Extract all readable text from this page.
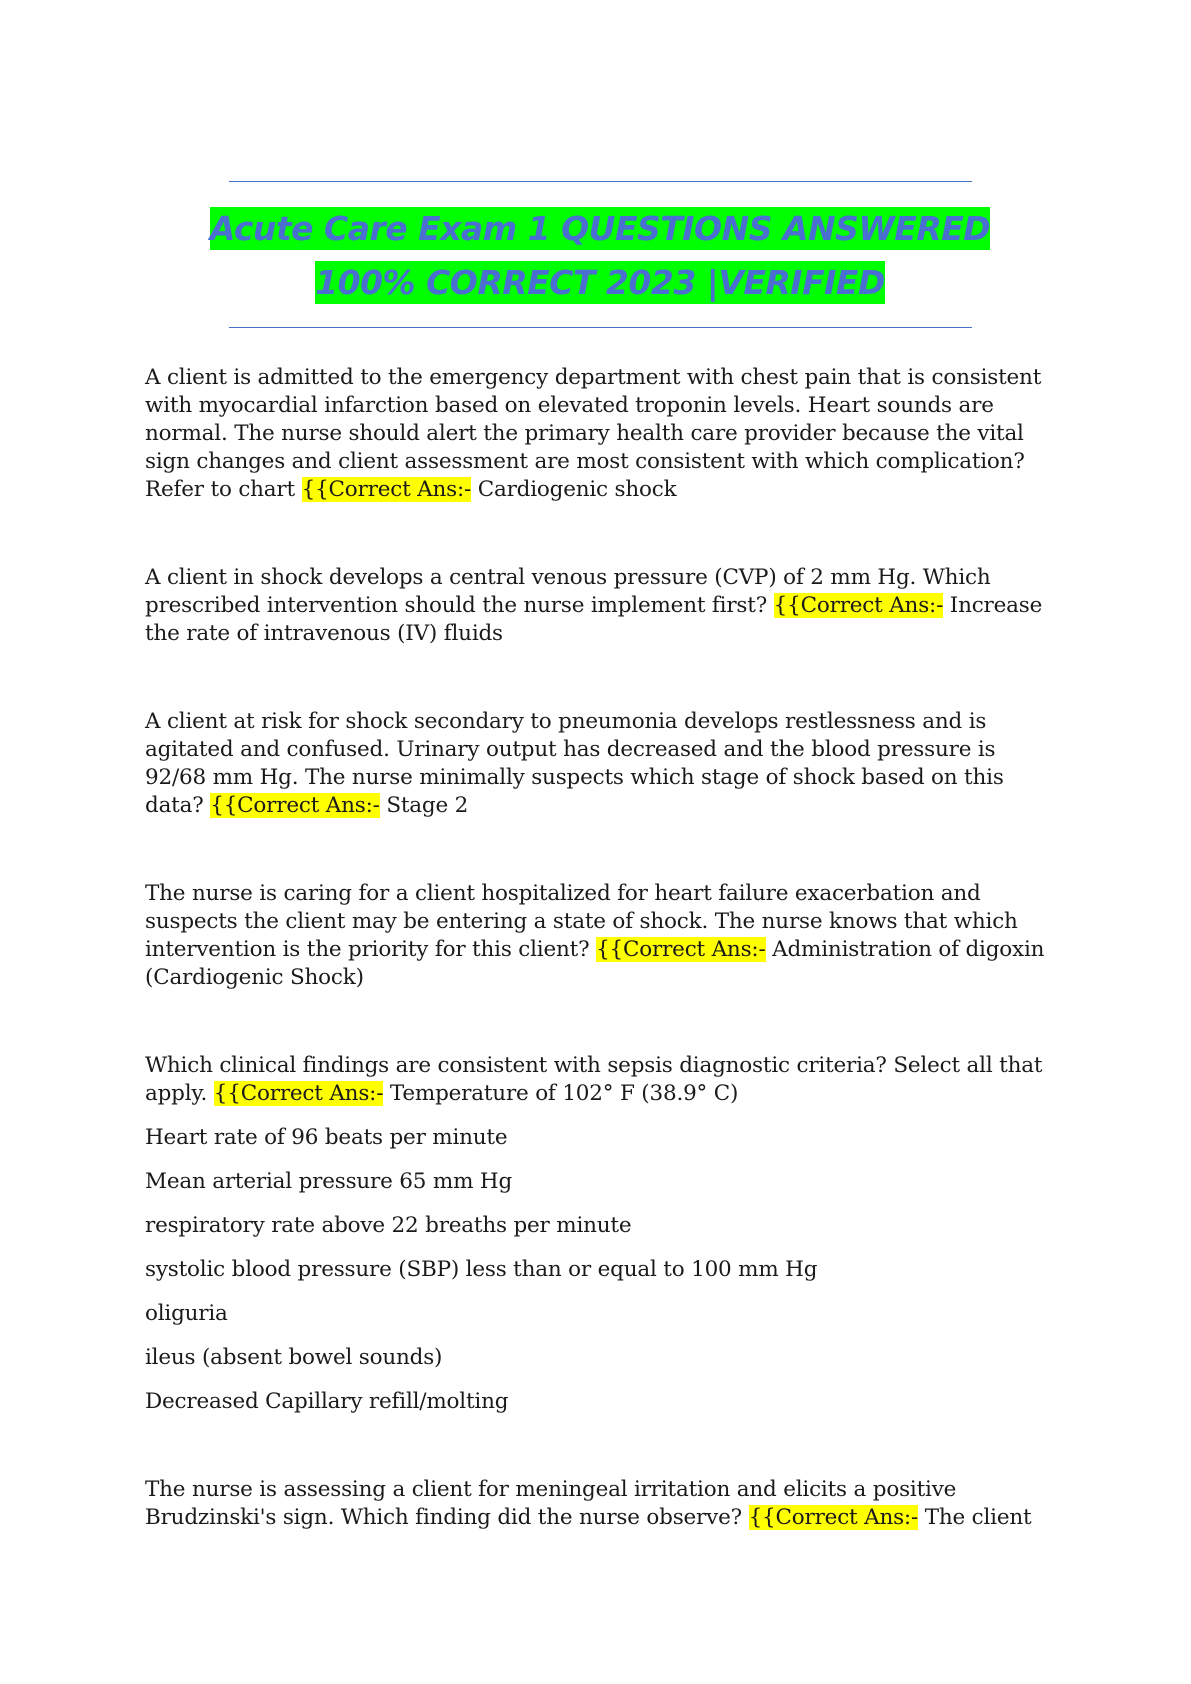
Acute Care Exam 1 QUESTIONS ANSWERED
100% CORRECT 2023 |VERIFIED

A client is admitted to the emergency department with chest pain that is consistent with myocardial infarction based on elevated troponin levels. Heart sounds are normal. The nurse should alert the primary health care provider because the vital sign changes and client assessment are most consistent with which complication? Refer to chart {{Correct Ans:- Cardiogenic shock

A client in shock develops a central venous pressure (CVP) of 2 mm Hg. Which prescribed intervention should the nurse implement first? {{Correct Ans:- Increase the rate of intravenous (IV) fluids

A client at risk for shock secondary to pneumonia develops restlessness and is agitated and confused. Urinary output has decreased and the blood pressure is 92/68 mm Hg. The nurse minimally suspects which stage of shock based on this data? {{Correct Ans:- Stage 2

The nurse is caring for a client hospitalized for heart failure exacerbation and suspects the client may be entering a state of shock. The nurse knows that which intervention is the priority for this client? {{Correct Ans:- Administration of digoxin (Cardiogenic Shock)

Which clinical findings are consistent with sepsis diagnostic criteria? Select all that apply. {{Correct Ans:- Temperature of 102° F (38.9° C)

Heart rate of 96 beats per minute

Mean arterial pressure 65 mm Hg

respiratory rate above 22 breaths per minute

systolic blood pressure (SBP) less than or equal to 100 mm Hg

oliguria

ileus (absent bowel sounds)

Decreased Capillary refill/molting

The nurse is assessing a client for meningeal irritation and elicits a positive Brudzinski's sign. Which finding did the nurse observe? {{Correct Ans:- The client
